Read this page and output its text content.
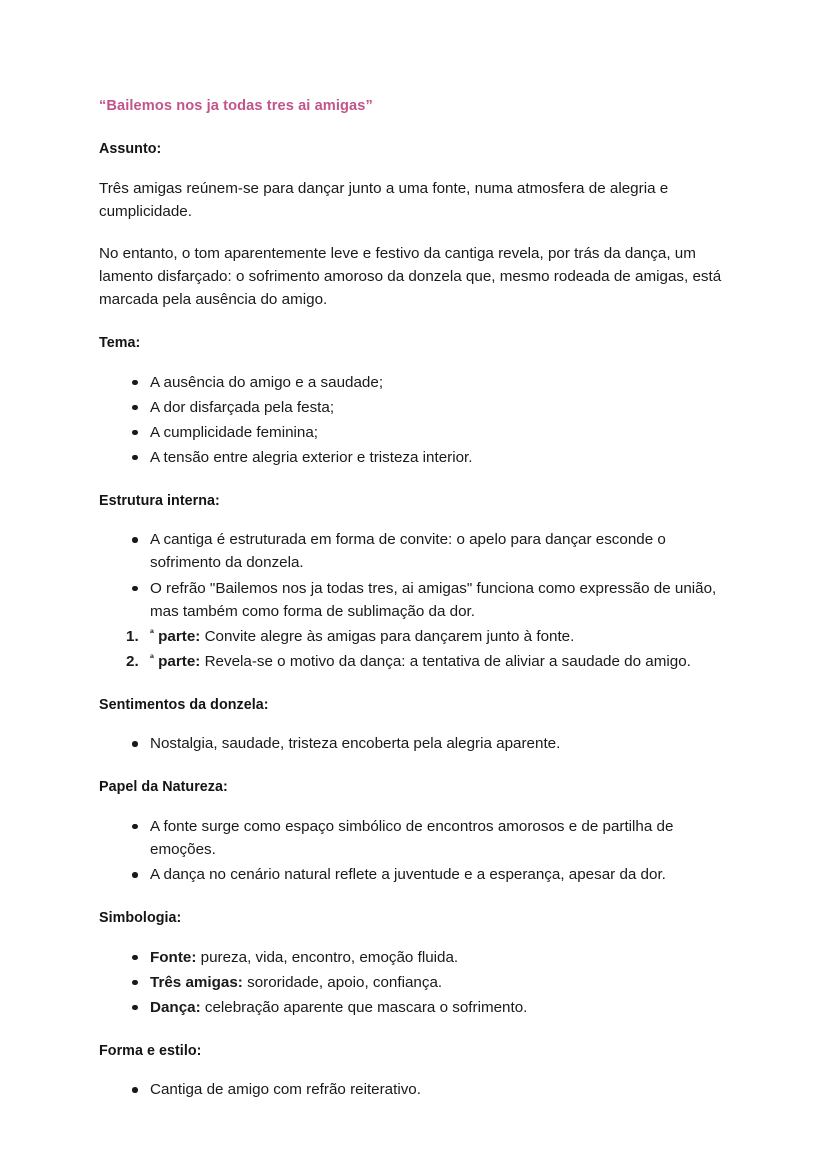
“Bailemos nos ja todas tres ai amigas”
Assunto:

Três amigas reúnem-se para dançar junto a uma fonte, numa atmosfera de alegria e cumplicidade.

No entanto, o tom aparentemente leve e festivo da cantiga revela, por trás da dança, um lamento disfarçado: o sofrimento amoroso da donzela que, mesmo rodeada de amigas, está marcada pela ausência do amigo.

Tema:
A ausência do amigo e a saudade;
A dor disfarçada pela festa;
A cumplicidade feminina;
A tensão entre alegria exterior e tristeza interior.
Estrutura interna:
A cantiga é estruturada em forma de convite: o apelo para dançar esconde o sofrimento da donzela.
O refrão "Bailemos nos ja todas tres, ai amigas" funciona como expressão de união, mas também como forma de sublimação da dor.
$^ª$ parte: Convite alegre às amigas para dançarem junto à fonte.
$^ª$ parte: Revela-se o motivo da dança: a tentativa de aliviar a saudade do amigo.
Sentimentos da donzela:
Nostalgia, saudade, tristeza encoberta pela alegria aparente.
Papel da Natureza:
A fonte surge como espaço simbólico de encontros amorosos e de partilha de emoções.
A dança no cenário natural reflete a juventude e a esperança, apesar da dor.
Simbologia:
Fonte: pureza, vida, encontro, emoção fluida.
Três amigas: sororidade, apoio, confiança.
Dança: celebração aparente que mascara o sofrimento.
Forma e estilo:
Cantiga de amigo com refrão reiterativo.
